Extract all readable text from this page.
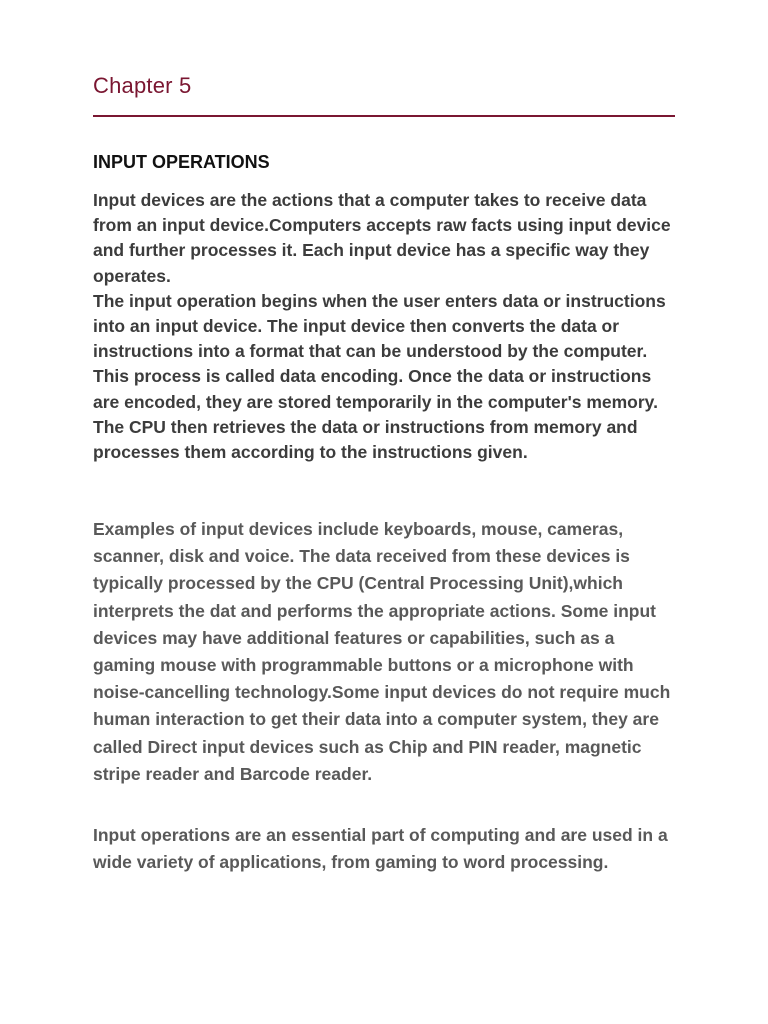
Chapter 5
INPUT OPERATIONS

Input devices are the actions that a computer takes to receive data from an input device.Computers accepts raw facts using input device and further processes it. Each input device has a specific way they operates.

The input operation begins when the user enters data or instructions into an input device. The input device then converts the data or instructions into a format that can be understood by the computer.

This process is called data encoding. Once the data or instructions are encoded, they are stored temporarily in the computer's memory. The CPU then retrieves the data or instructions from memory and processes them according to the instructions given.

Examples of input devices include keyboards, mouse, cameras, scanner, disk and voice. The data received from these devices is typically processed by the CPU (Central Processing Unit),which interprets the dat and performs the appropriate actions. Some input devices may have additional features or capabilities, such as a gaming mouse with programmable buttons or a microphone with noise-cancelling technology.Some input devices do not require much human interaction to get their data into a computer system, they are called Direct input devices such as Chip and PIN reader, magnetic stripe reader and Barcode reader.

Input operations are an essential part of computing and are used in a wide variety of applications, from gaming to word processing.
